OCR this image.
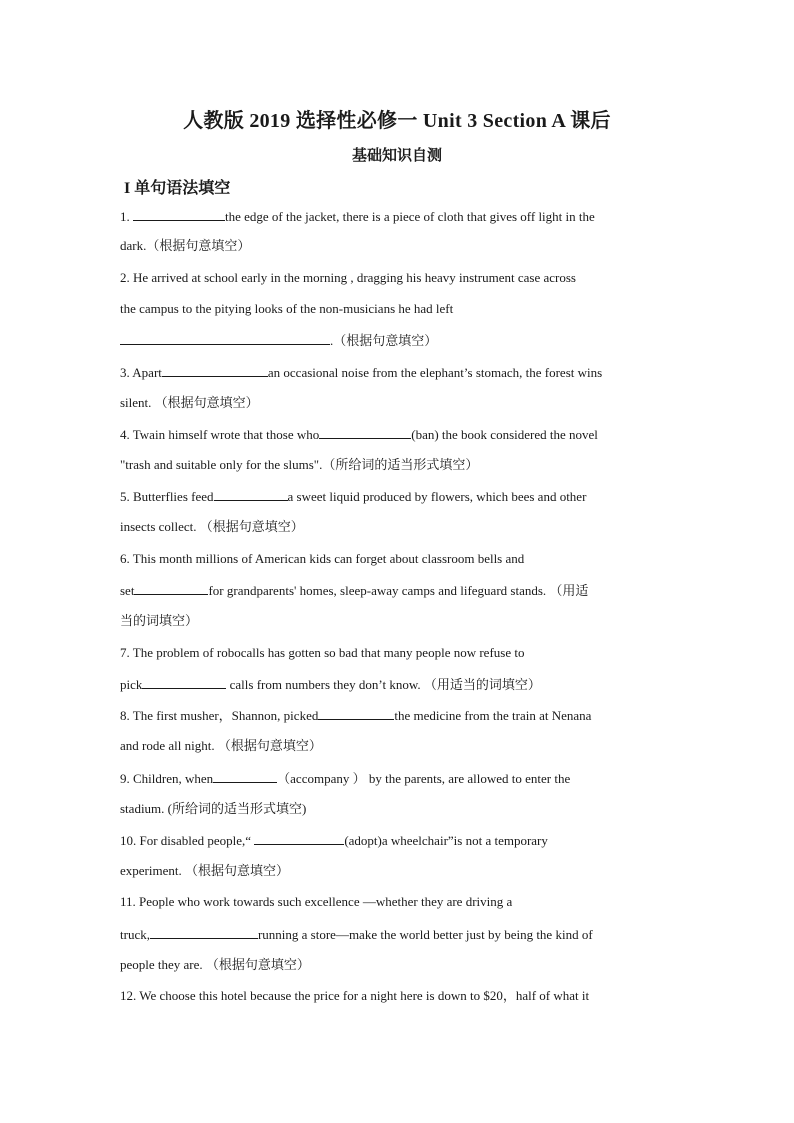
人教版 2019 选择性必修一 Unit 3 Section A 课后
基础知识自测
I 单句语法填空
1.	the edge of the jacket, there is a piece of cloth that gives off light in the
dark.（根据句意填空）
2. He arrived at school early in the morning , dragging his heavy instrument case across
the campus to the pitying looks of the non-musicians he had left
.（根据句意填空）
3. Apart	an occasional noise from the elephant’s stomach, the forest wins
silent. （根据句意填空）
4. Twain himself wrote that those who	(ban) the book considered the novel
"trash and suitable only for the slums".（所给词的适当形式填空）
5. Butterflies feed	a sweet liquid produced by flowers, which bees and other
insects collect. （根据句意填空）
6. This month millions of American kids can forget about classroom bells and
set	for grandparents' homes, sleep-away camps and lifeguard stands. （用适
当的词填空）
7. The problem of robocalls has gotten so bad that many people now refuse to
pick	calls from numbers they don’t know. （用适当的词填空）
8. The first musher，Shannon, picked	the medicine from the train at Nenana
and rode all night. （根据句意填空）
9. Children, when	（accompany ） by the parents, are allowed to enter the
stadium. (所给词的适当形式填空)
10. For disabled people,“	(adopt)a wheelchair”is not a temporary
experiment. （根据句意填空）
11. People who work towards such excellence —whether they are driving a
truck,	running a store—make the world better just by being the kind of
people they are. （根据句意填空）
12. We choose this hotel because the price for a night here is down to $20，half of what it
